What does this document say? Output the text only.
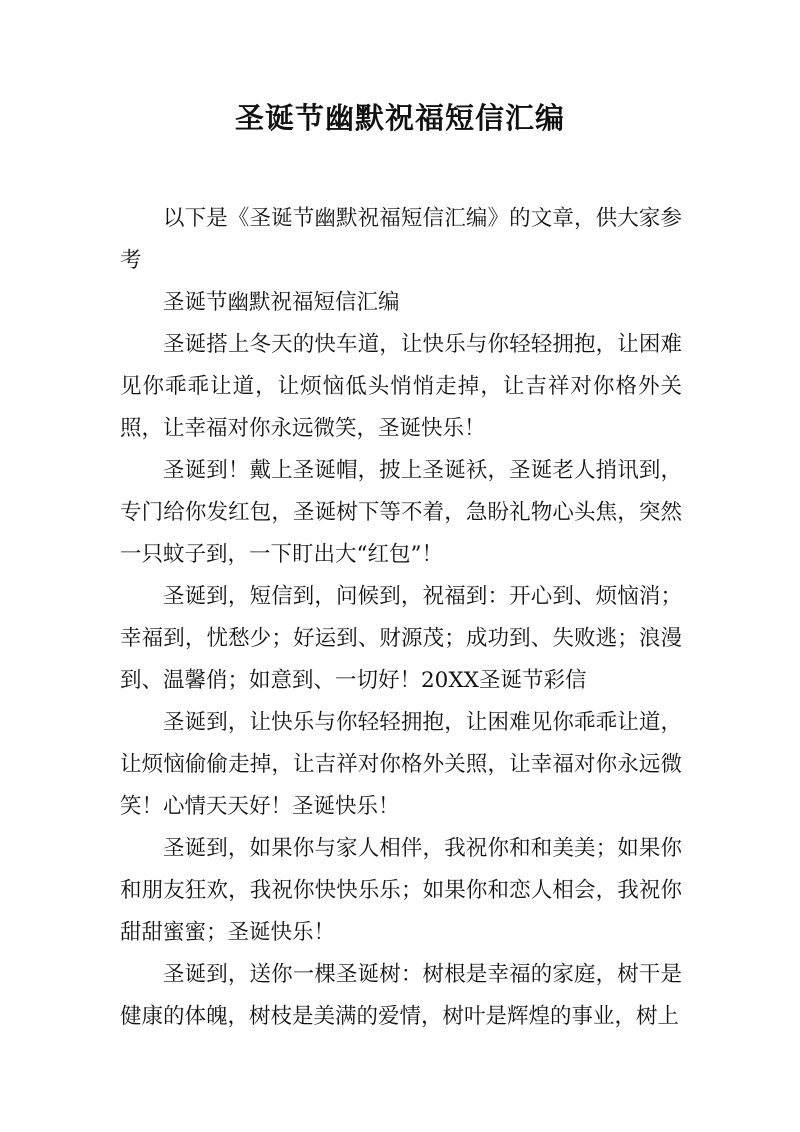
圣诞节幽默祝福短信汇编

以下是《圣诞节幽默祝福短信汇编》的文章，供大家参考

圣诞节幽默祝福短信汇编

圣诞搭上冬天的快车道，让快乐与你轻轻拥抱，让困难见你乖乖让道，让烦恼低头悄悄走掉，让吉祥对你格外关照，让幸福对你永远微笑，圣诞快乐！

圣诞到！戴上圣诞帽，披上圣诞袄，圣诞老人捎讯到，专门给你发红包，圣诞树下等不着，急盼礼物心头焦，突然一只蚊子到，一下盯出大“红包”！

圣诞到，短信到，问候到，祝福到：开心到、烦恼消；幸福到，忧愁少；好运到、财源茂；成功到、失败逃；浪漫到、温馨俏；如意到、一切好！20XX圣诞节彩信

圣诞到，让快乐与你轻轻拥抱，让困难见你乖乖让道，让烦恼偷偷走掉，让吉祥对你格外关照，让幸福对你永远微笑！心情天天好！圣诞快乐！

圣诞到，如果你与家人相伴，我祝你和和美美；如果你和朋友狂欢，我祝你快快乐乐；如果你和恋人相会，我祝你甜甜蜜蜜；圣诞快乐！

圣诞到，送你一棵圣诞树：树根是幸福的家庭，树干是健康的体魄，树枝是美满的爱情，树叶是辉煌的事业，树上
